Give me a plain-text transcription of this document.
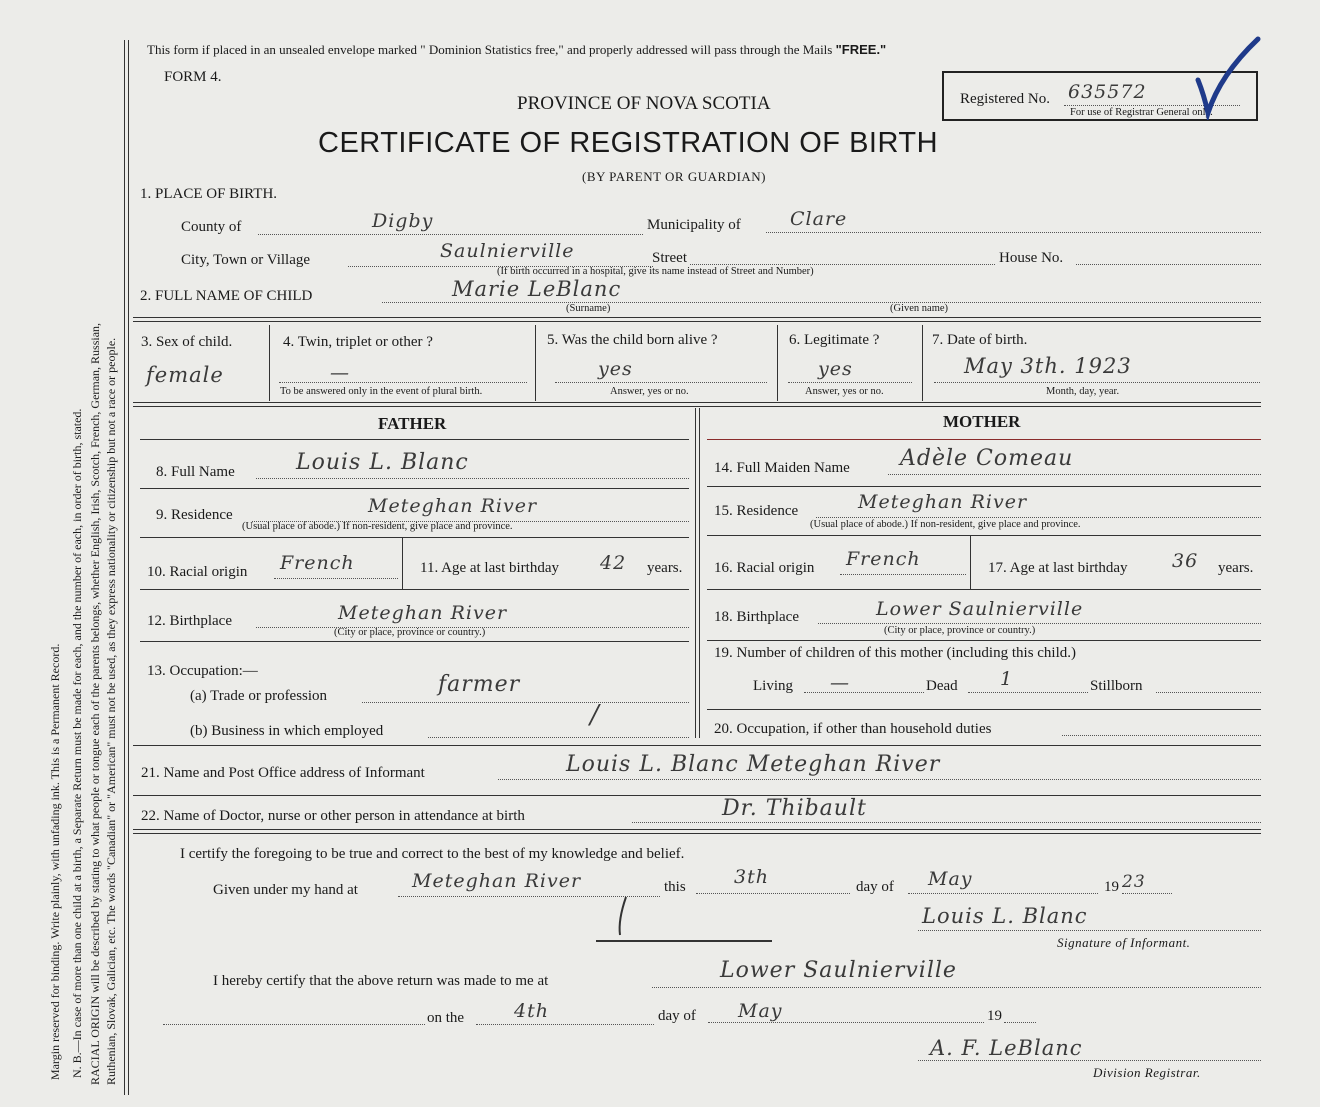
Margin reserved for binding. Write plainly, with unfading ink. This is a Permanent Record. N. B.—In case of more than one child at a birth, a Separate Return must be made for each, and the number of each, in order of birth, stated. RACIAL ORIGIN will be described by stating to what people or tongue each of the parents belongs, whether English, Irish, Scotch, French, German, Russian, Ruthenian, Slovak, Galician, etc. The words "Canadian" or "American" must not be used, as they express nationality or citizenship but not a race or people.
This form if placed in an unsealed envelope marked " Dominion Statistics free," and properly addressed will pass through the Mails "FREE."
FORM 4.
PROVINCE OF NOVA SCOTIA
CERTIFICATE OF REGISTRATION OF BIRTH
(BY PARENT OR GUARDIAN)
Registered No. 635572
For use of Registrar General only.
1. PLACE OF BIRTH.
County of	Digby	Municipality of	Clare
City, Town or Village	Saulnierville	Street	House No.
(If birth occurred in a hospital, give its name instead of Street and Number)
2. FULL NAME OF CHILD	Marie LeBlanc
(Surname)	(Given name)
3. Sex of child.
female
4. Twin, triplet or other ?
—
To be answered only in the event of plural birth.
5. Was the child born alive ?
yes
Answer, yes or no.
6. Legitimate ?
yes
Answer, yes or no.
7. Date of birth.
May 3th. 1923
Month, day, year.
FATHER	MOTHER
8. Full Name	Louis L. Blanc
9. Residence	Meteghan River
(Usual place of abode.) If non-resident, give place and province.
10. Racial origin French	11. Age at last birthday 42 years.
12. Birthplace	Meteghan River
(City or place, province or country.)
13. Occupation:—
(a) Trade or profession	farmer
(b) Business in which employed
/
14. Full Maiden Name Adèle Comeau
15. Residence	Meteghan River
(Usual place of abode.) If non-resident, give place and province.
16. Racial origin French	17. Age at last birthday 36 years.
18. Birthplace	Lower Saulnierville
(City or place, province or country.)
19. Number of children of this mother (including this child.)
Living —	Dead 1	Stillborn
20. Occupation, if other than household duties
21. Name and Post Office address of Informant	Louis L. Blanc Meteghan River
22. Name of Doctor, nurse or other person in attendance at birth	Dr. Thibault
I certify the foregoing to be true and correct to the best of my knowledge and belief.
Given under my hand at	Meteghan River	this	3th	day of May	19 23
Louis L. Blanc
Signature of Informant.
I hereby certify that the above return was made to me at	Lower Saulnierville
on the	4th	day of May	19
A. F. LeBlanc
Division Registrar.
